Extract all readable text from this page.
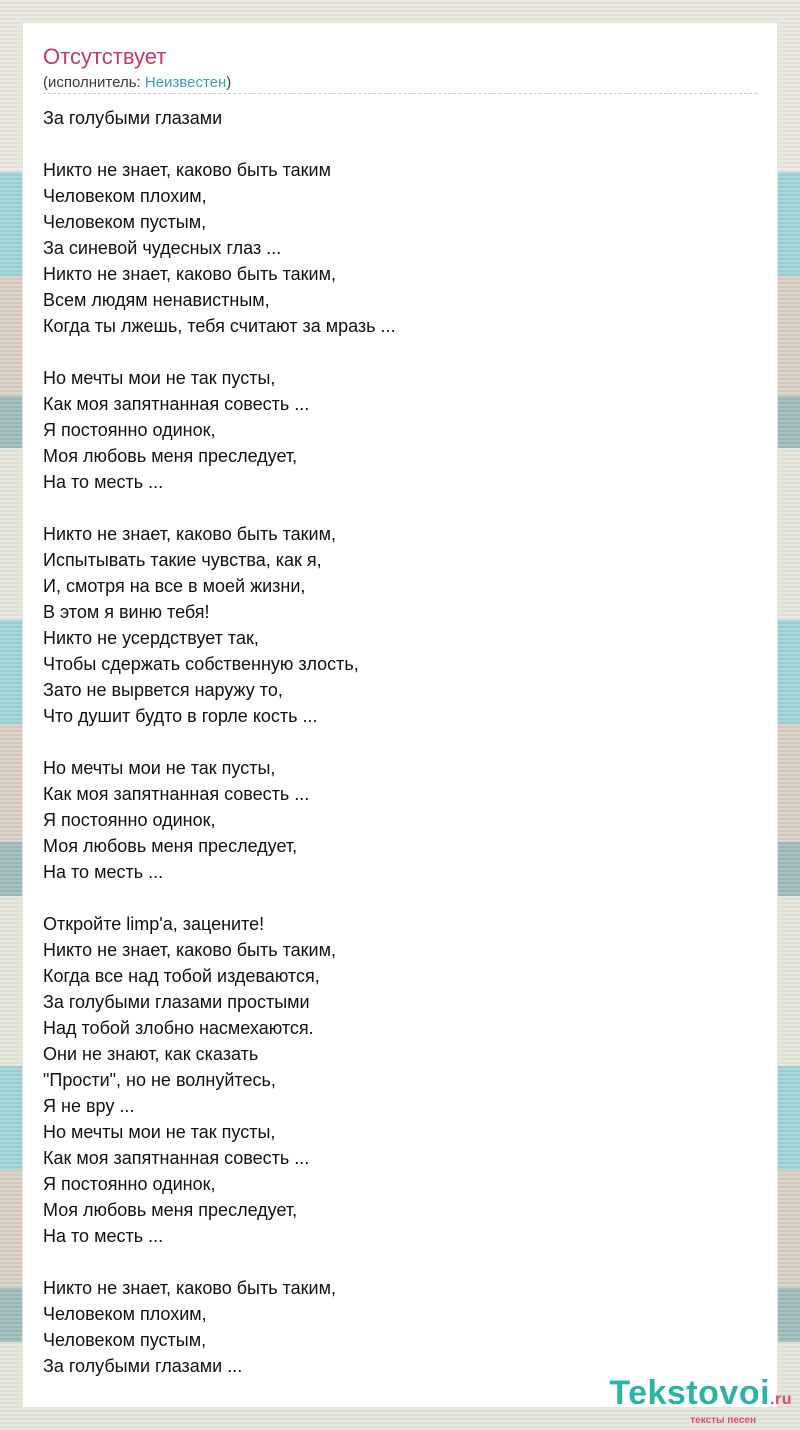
Отсутствует
(исполнитель: Неизвестен)
За голубыми глазами

Никто не знает, каково быть таким
Человеком плохим,
Человеком пустым,
За синевой чудесных глаз ...
Никто не знает, каково быть таким,
Всем людям ненавистным,
Когда ты лжешь, тебя считают за мразь ...

Но мечты мои не так пусты,
Как моя запятнанная совесть ...
Я постоянно одинок,
Моя любовь меня преследует,
На то месть ...

Никто не знает, каково быть таким,
Испытывать такие чувства, как я,
И, смотря на все в моей жизни,
В этом я виню тебя!
Никто не усердствует так,
Чтобы сдержать собственную злость,
Зато не вырвется наружу то,
Что душит будто в горле кость ...

Но мечты мои не так пусты,
Как моя запятнанная совесть ...
Я постоянно одинок,
Моя любовь меня преследует,
На то месть ...

Откройте limp'a, зацените!
Никто не знает, каково быть таким,
Когда все над тобой издеваются,
За голубыми глазами простыми
Над тобой злобно насмехаются.
Они не знают, как сказать
"Прости", но не волнуйтесь,
Я не вру ...
Но мечты мои не так пусты,
Как моя запятнанная совесть ...
Я постоянно одинок,
Моя любовь меня преследует,
На то месть ...

Никто не знает, каково быть таким,
Человеком плохим,
Человеком пустым,
За голубыми глазами ...
Tekstovoi.ru
тексты песен
